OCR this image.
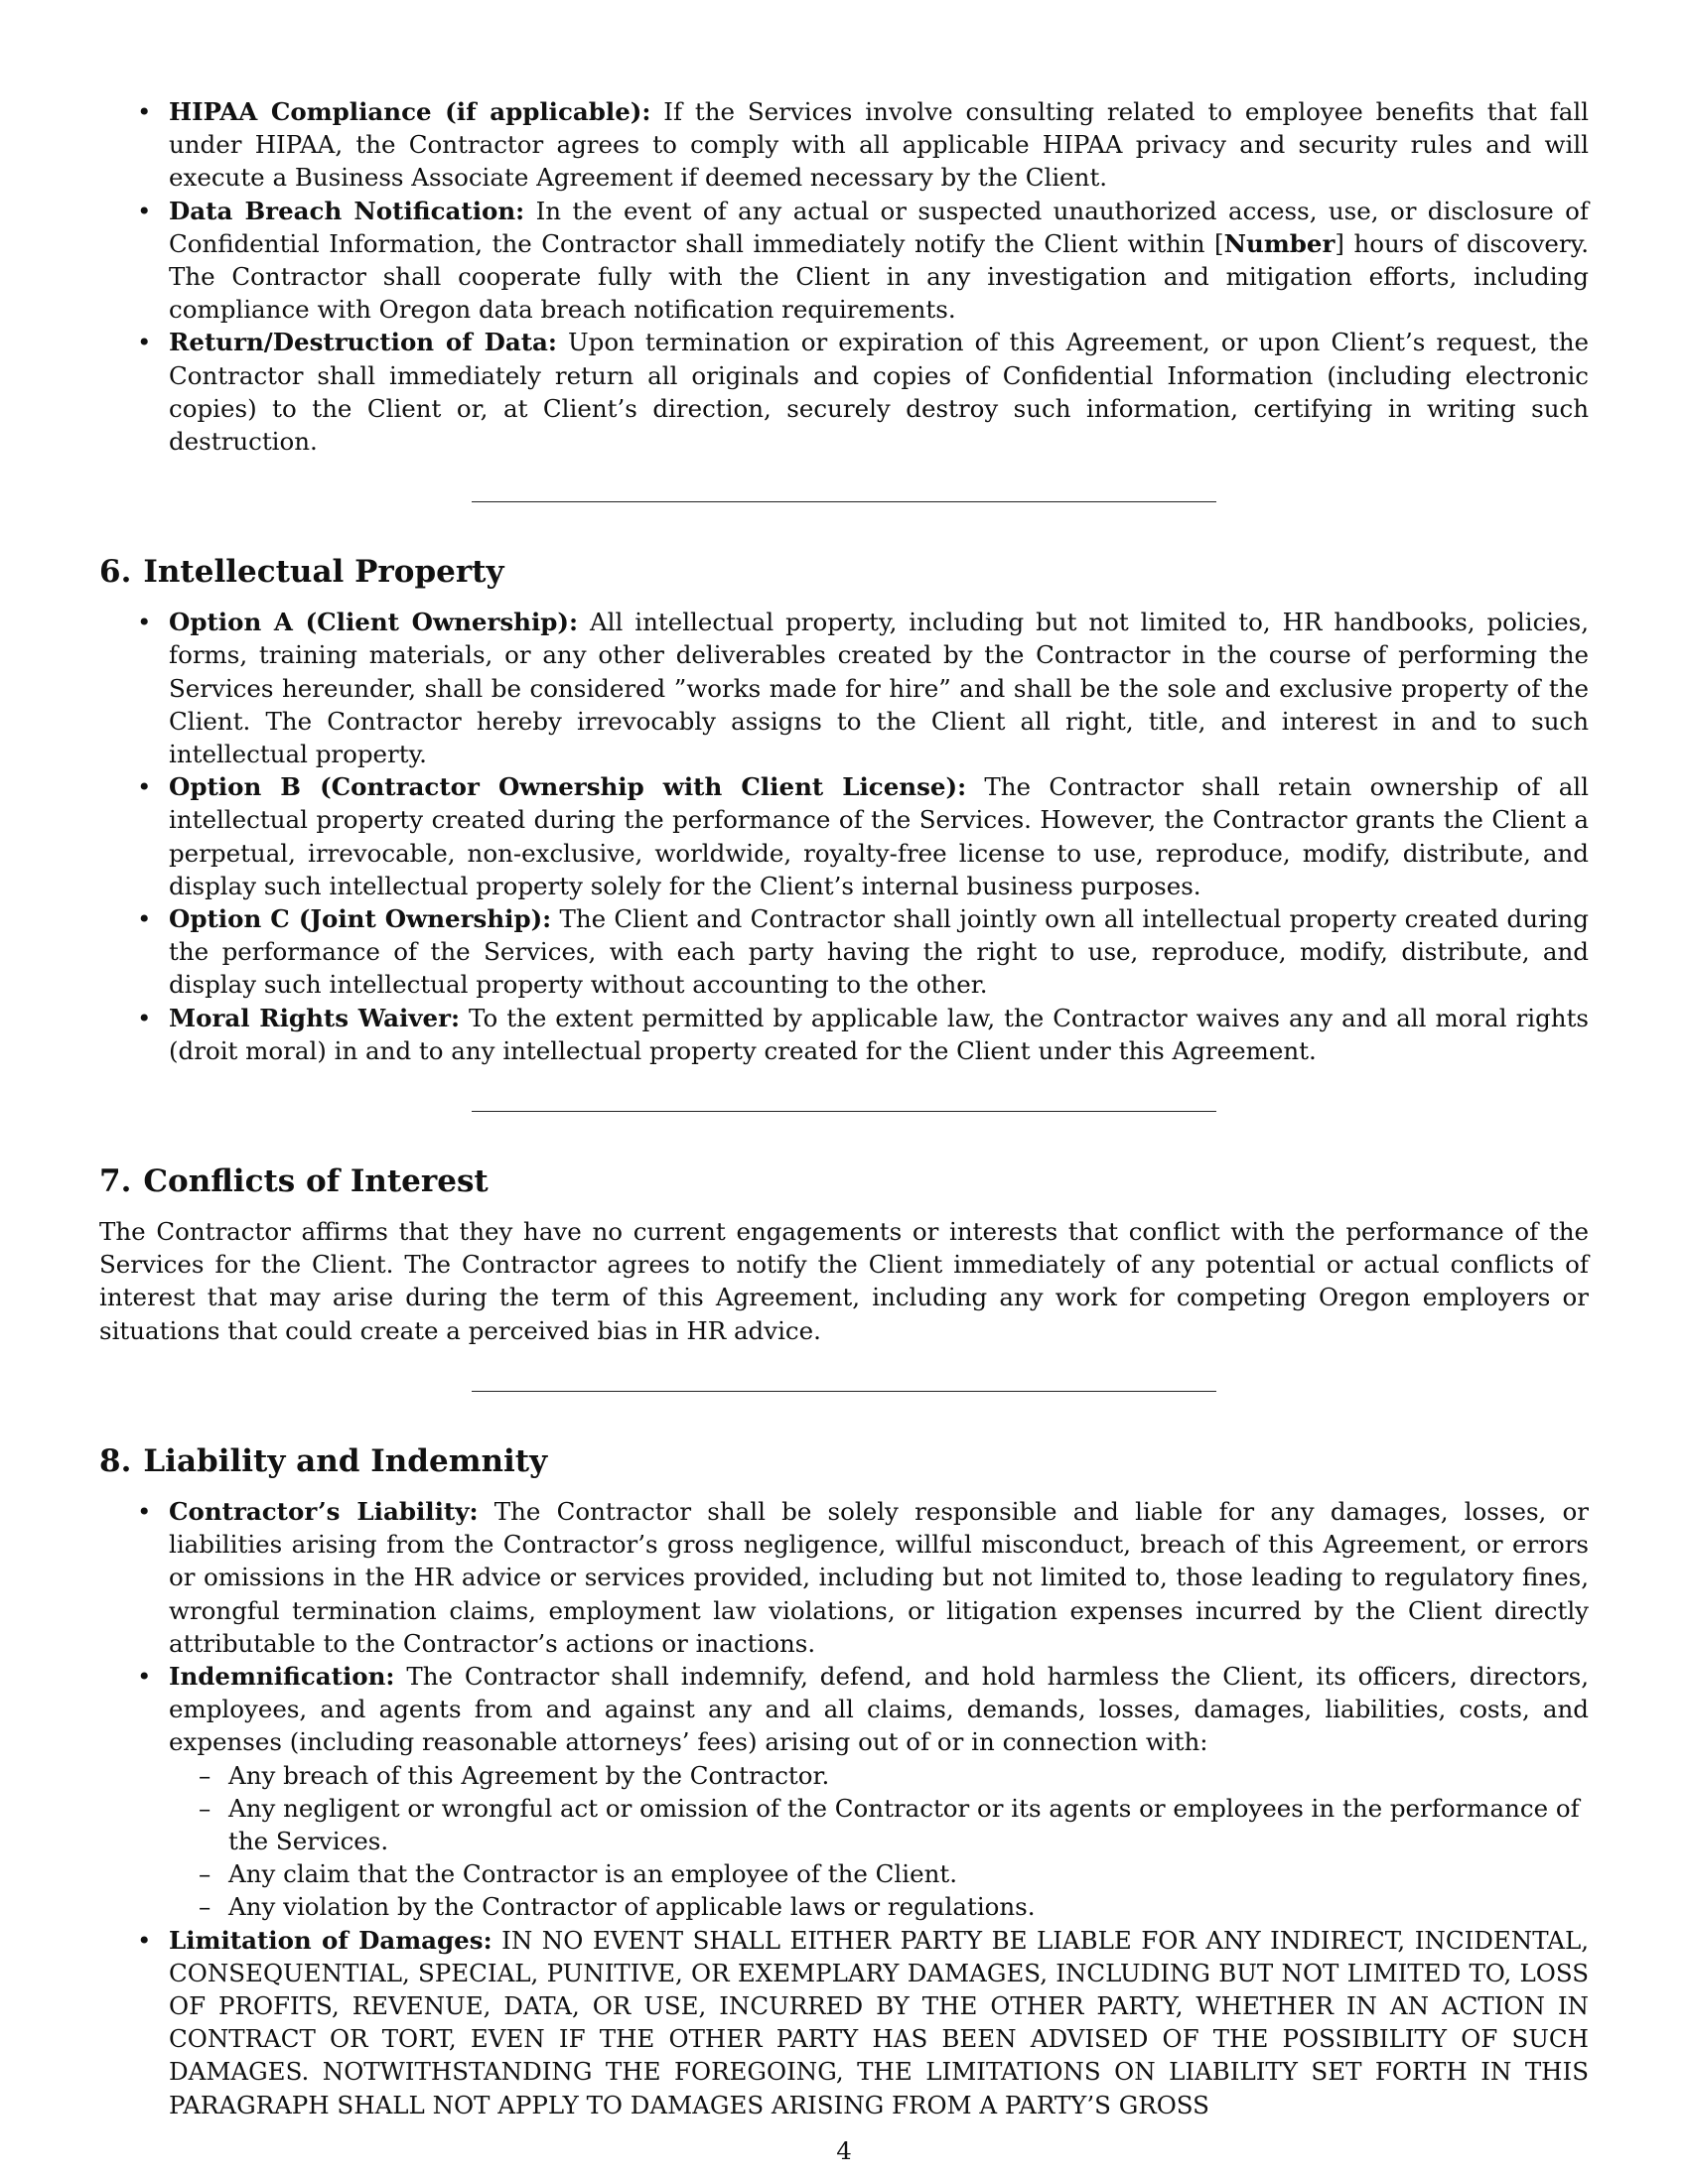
• HIPAA Compliance (if applicable): If the Services involve consulting related to employee benefits that fall under HIPAA, the Contractor agrees to comply with all applicable HIPAA privacy and security rules and will execute a Business Associate Agreement if deemed necessary by the Client.
• Data Breach Notification: In the event of any actual or suspected unauthorized access, use, or disclosure of Confidential Information, the Contractor shall immediately notify the Client within [Number] hours of discovery. The Contractor shall cooperate fully with the Client in any investigation and mitigation efforts, including compliance with Oregon data breach notification requirements.
• Return/Destruction of Data: Upon termination or expiration of this Agreement, or upon Client’s request, the Contractor shall immediately return all originals and copies of Confidential Information (including electronic copies) to the Client or, at Client’s direction, securely destroy such information, certifying in writing such destruction.
6. Intellectual Property
• Option A (Client Ownership): All intellectual property, including but not limited to, HR handbooks, policies, forms, training materials, or any other deliverables created by the Contractor in the course of performing the Services hereunder, shall be considered ”works made for hire” and shall be the sole and exclusive property of the Client. The Contractor hereby irrevocably assigns to the Client all right, title, and interest in and to such intellectual property.
• Option B (Contractor Ownership with Client License): The Contractor shall retain ownership of all intellectual property created during the performance of the Services. However, the Contractor grants the Client a perpetual, irrevocable, non-exclusive, worldwide, royalty-free license to use, reproduce, modify, distribute, and display such intellectual property solely for the Client’s internal business purposes.
• Option C (Joint Ownership): The Client and Contractor shall jointly own all intellectual property created during the performance of the Services, with each party having the right to use, reproduce, modify, distribute, and display such intellectual property without accounting to the other.
• Moral Rights Waiver: To the extent permitted by applicable law, the Contractor waives any and all moral rights (droit moral) in and to any intellectual property created for the Client under this Agreement.
7. Conflicts of Interest

The Contractor affirms that they have no current engagements or interests that conflict with the performance of the Services for the Client. The Contractor agrees to notify the Client immediately of any potential or actual conflicts of interest that may arise during the term of this Agreement, including any work for competing Oregon employers or situations that could create a perceived bias in HR advice.

8. Liability and Indemnity
• Contractor’s Liability: The Contractor shall be solely responsible and liable for any damages, losses, or liabilities arising from the Contractor’s gross negligence, willful misconduct, breach of this Agreement, or errors or omissions in the HR advice or services provided, including but not limited to, those leading to regulatory fines, wrongful termination claims, employment law violations, or litigation expenses incurred by the Client directly attributable to the Contractor’s actions or inactions.
• Indemnification: The Contractor shall indemnify, defend, and hold harmless the Client, its officers, directors, employees, and agents from and against any and all claims, demands, losses, damages, liabilities, costs, and expenses (including reasonable attorneys’ fees) arising out of or in connection with:
– Any breach of this Agreement by the Contractor.
– Any negligent or wrongful act or omission of the Contractor or its agents or employees in the performance of the Services.
– Any claim that the Contractor is an employee of the Client.
– Any violation by the Contractor of applicable laws or regulations.
• Limitation of Damages: IN NO EVENT SHALL EITHER PARTY BE LIABLE FOR ANY INDIRECT, INCIDENTAL, CONSEQUENTIAL, SPECIAL, PUNITIVE, OR EXEMPLARY DAMAGES, INCLUDING BUT NOT LIMITED TO, LOSS OF PROFITS, REVENUE, DATA, OR USE, INCURRED BY THE OTHER PARTY, WHETHER IN AN ACTION IN CONTRACT OR TORT, EVEN IF THE OTHER PARTY HAS BEEN ADVISED OF THE POSSIBILITY OF SUCH DAMAGES. NOTWITHSTANDING THE FOREGOING, THE LIMITATIONS ON LIABILITY SET FORTH IN THIS PARAGRAPH SHALL NOT APPLY TO DAMAGES ARISING FROM A PARTY’S GROSS
4
